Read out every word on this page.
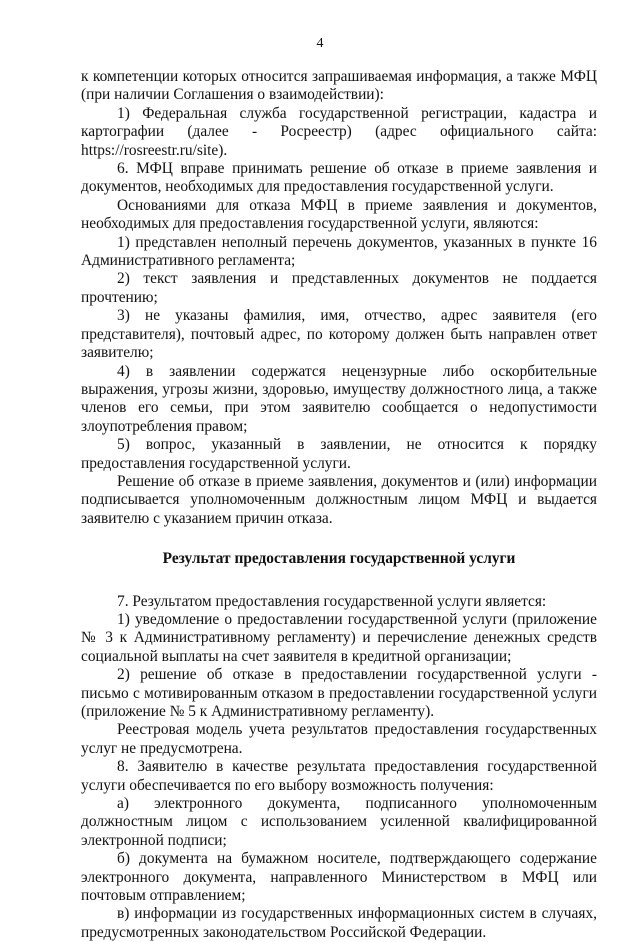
4

к компетенции которых относится запрашиваемая информация, а также МФЦ (при наличии Соглашения о взаимодействии):

1) Федеральная служба государственной регистрации, кадастра и картографии (далее - Росреестр) (адрес официального сайта: https://rosreestr.ru/site).

6. МФЦ вправе принимать решение об отказе в приеме заявления и документов, необходимых для предоставления государственной услуги.

Основаниями для отказа МФЦ в приеме заявления и документов, необходимых для предоставления государственной услуги, являются:

1) представлен неполный перечень документов, указанных в пункте 16 Административного регламента;

2) текст заявления и представленных документов не поддается прочтению;

3) не указаны фамилия, имя, отчество, адрес заявителя (его представителя), почтовый адрес, по которому должен быть направлен ответ заявителю;

4) в заявлении содержатся нецензурные либо оскорбительные выражения, угрозы жизни, здоровью, имуществу должностного лица, а также членов его семьи, при этом заявителю сообщается о недопустимости злоупотребления правом;

5) вопрос, указанный в заявлении, не относится к порядку предоставления государственной услуги.

Решение об отказе в приеме заявления, документов и (или) информации подписывается уполномоченным должностным лицом МФЦ и выдается заявителю с указанием причин отказа.

Результат предоставления государственной услуги

7. Результатом предоставления государственной услуги является:

1) уведомление о предоставлении государственной услуги (приложение № 3 к Административному регламенту) и перечисление денежных средств социальной выплаты на счет заявителя в кредитной организации;

2) решение об отказе в предоставлении государственной услуги - письмо с мотивированным отказом в предоставлении государственной услуги (приложение № 5 к Административному регламенту).

Реестровая модель учета результатов предоставления государственных услуг не предусмотрена.

8. Заявителю в качестве результата предоставления государственной услуги обеспечивается по его выбору возможность получения:

а) электронного документа, подписанного уполномоченным должностным лицом с использованием усиленной квалифицированной электронной подписи;

б) документа на бумажном носителе, подтверждающего содержание электронного документа, направленного Министерством в МФЦ или почтовым отправлением;

в) информации из государственных информационных систем в случаях, предусмотренных законодательством Российской Федерации.
